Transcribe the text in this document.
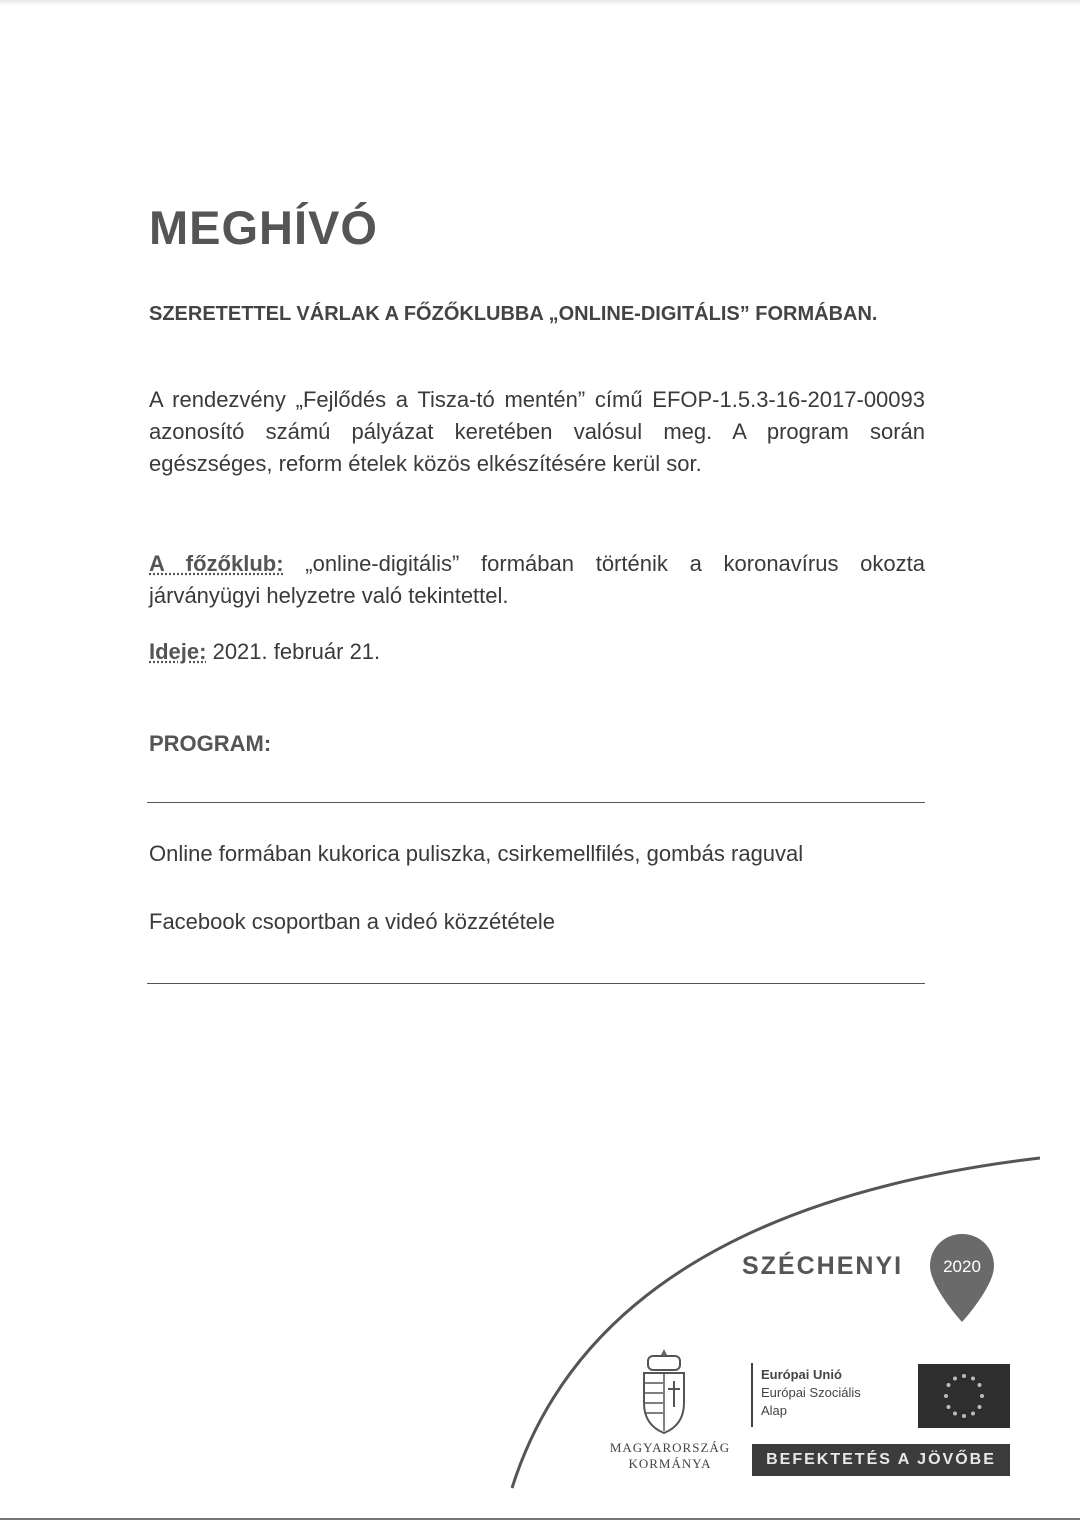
MEGHÍVÓ

SZERETETTEL VÁRLAK A FŐZŐKLUBBA „ONLINE-DIGITÁLIS” FORMÁBAN.

A rendezvény „Fejlődés a Tisza-tó mentén” című EFOP-1.5.3-16-2017-00093 azonosító számú pályázat keretében valósul meg. A program során egészséges, reform ételek közös elkészítésére kerül sor.

A főzőklub: „online-digitális” formában történik a koronavírus okozta járványügyi helyzetre való tekintettel.

Ideje: 2021. február 21.

PROGRAM:

Online formában kukorica puliszka, csirkemellfilés, gombás raguval

Facebook csoportban a videó közzététele

SZÉCHENYI 2020
MAGYARORSZÁG
KORMÁNYA
Európai Unió
Európai Szociális
Alap
BEFEKTETÉS A JÖVŐBE
